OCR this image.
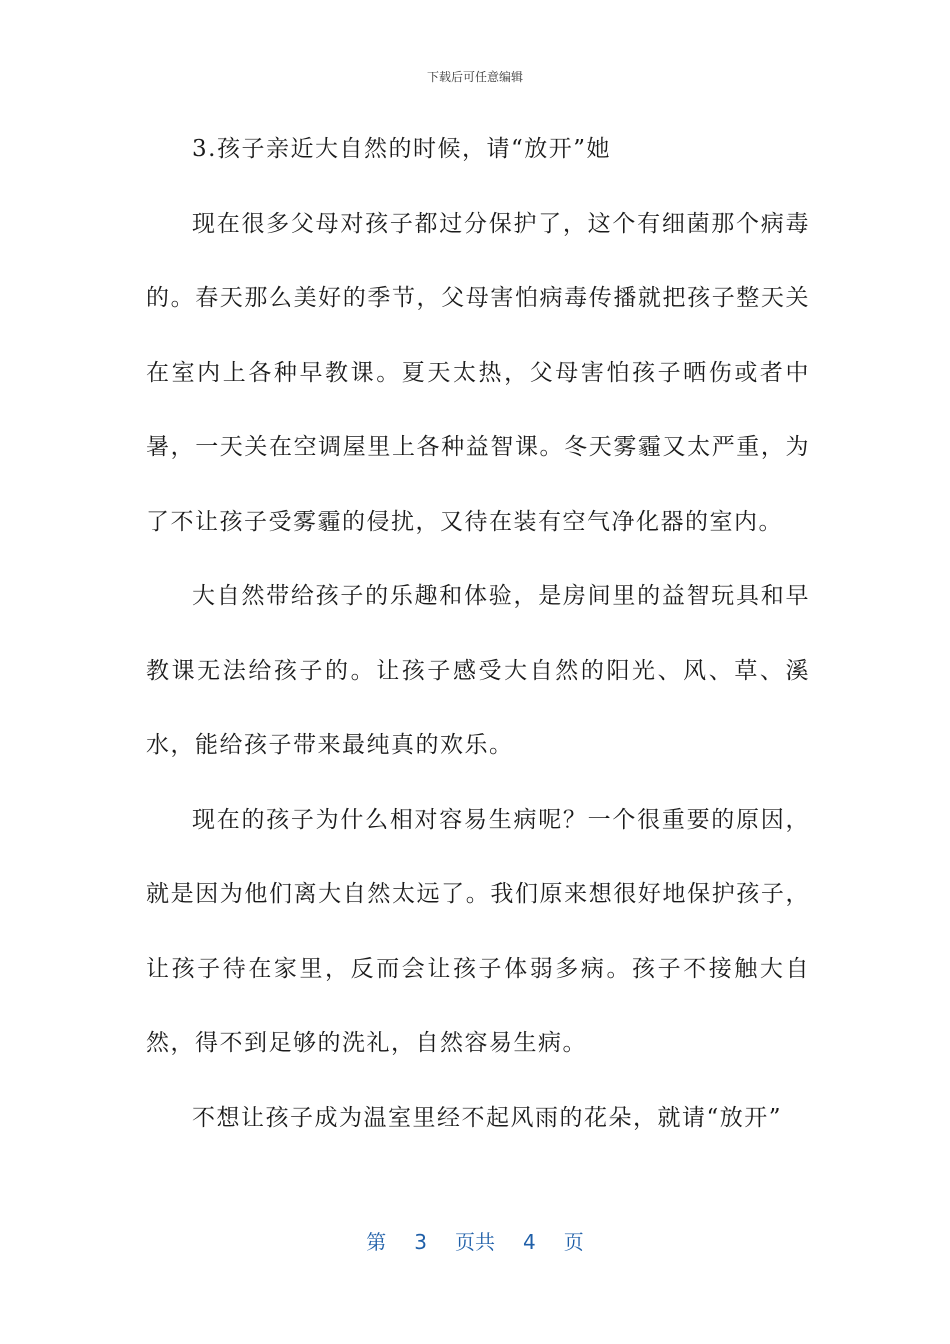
下载后可任意编辑

3.孩子亲近大自然的时候，请“放开”她

现在很多父母对孩子都过分保护了，这个有细菌那个病毒的。春天那么美好的季节，父母害怕病毒传播就把孩子整天关在室内上各种早教课。夏天太热，父母害怕孩子晒伤或者中暑，一天关在空调屋里上各种益智课。冬天雾霾又太严重，为了不让孩子受雾霾的侵扰，又待在装有空气净化器的室内。

大自然带给孩子的乐趣和体验，是房间里的益智玩具和早教课无法给孩子的。让孩子感受大自然的阳光、风、草、溪水，能给孩子带来最纯真的欢乐。

现在的孩子为什么相对容易生病呢？一个很重要的原因，就是因为他们离大自然太远了。我们原来想很好地保护孩子，让孩子待在家里，反而会让孩子体弱多病。孩子不接触大自然，得不到足够的洗礼，自然容易生病。

不想让孩子成为温室里经不起风雨的花朵，就请“放开”

第 3 页共 4 页
